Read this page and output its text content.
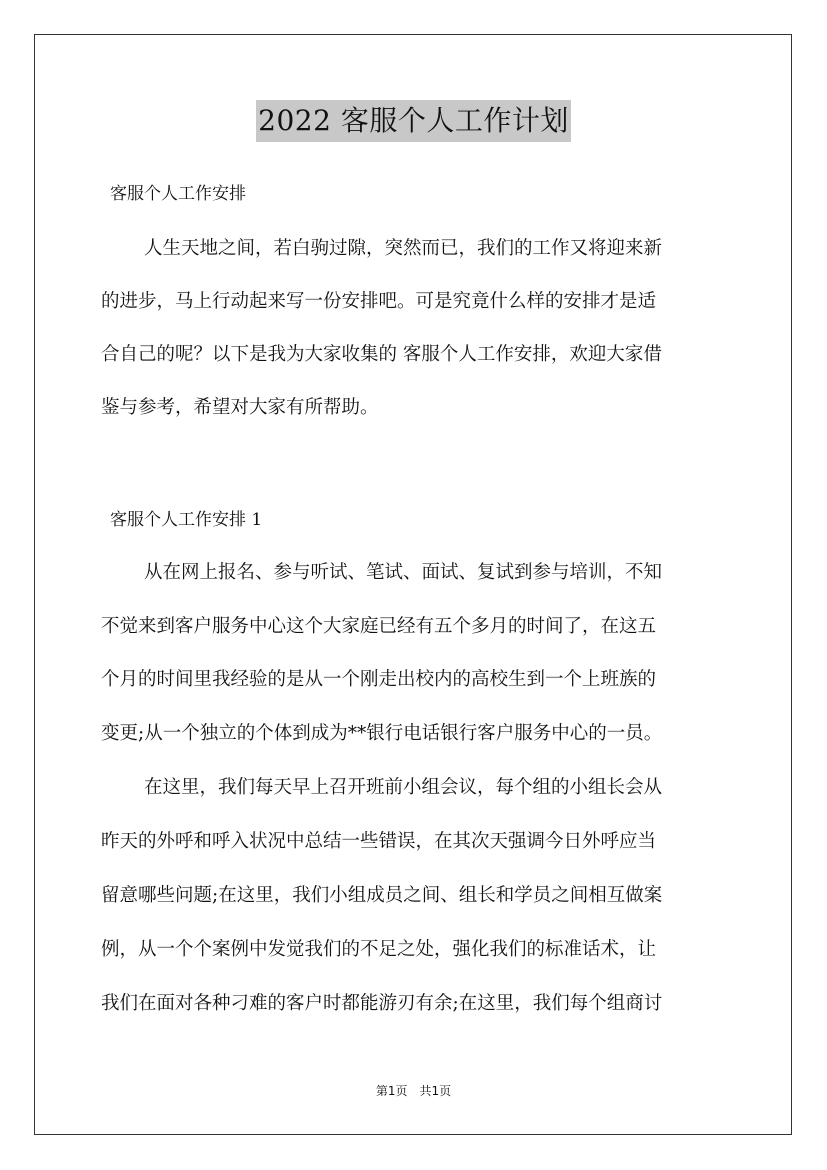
2022 客服个人工作计划
客服个人工作安排
人生天地之间，若白驹过隙，突然而已，我们的工作又将迎来新
的进步，马上行动起来写一份安排吧。可是究竟什么样的安排才是适
合自己的呢？以下是我为大家收集的 客服个人工作安排，欢迎大家借
鉴与参考，希望对大家有所帮助。
客服个人工作安排 1
从在网上报名、参与听试、笔试、面试、复试到参与培训，不知
不觉来到客户服务中心这个大家庭已经有五个多月的时间了，在这五
个月的时间里我经验的是从一个刚走出校内的高校生到一个上班族的
变更;从一个独立的个体到成为**银行电话银行客户服务中心的一员。
在这里，我们每天早上召开班前小组会议，每个组的小组长会从
昨天的外呼和呼入状况中总结一些错误，在其次天强调今日外呼应当
留意哪些问题;在这里，我们小组成员之间、组长和学员之间相互做案
例，从一个个案例中发觉我们的不足之处，强化我们的标准话术，让
我们在面对各种刁难的客户时都能游刃有余;在这里，我们每个组商讨
第1页　共1页
